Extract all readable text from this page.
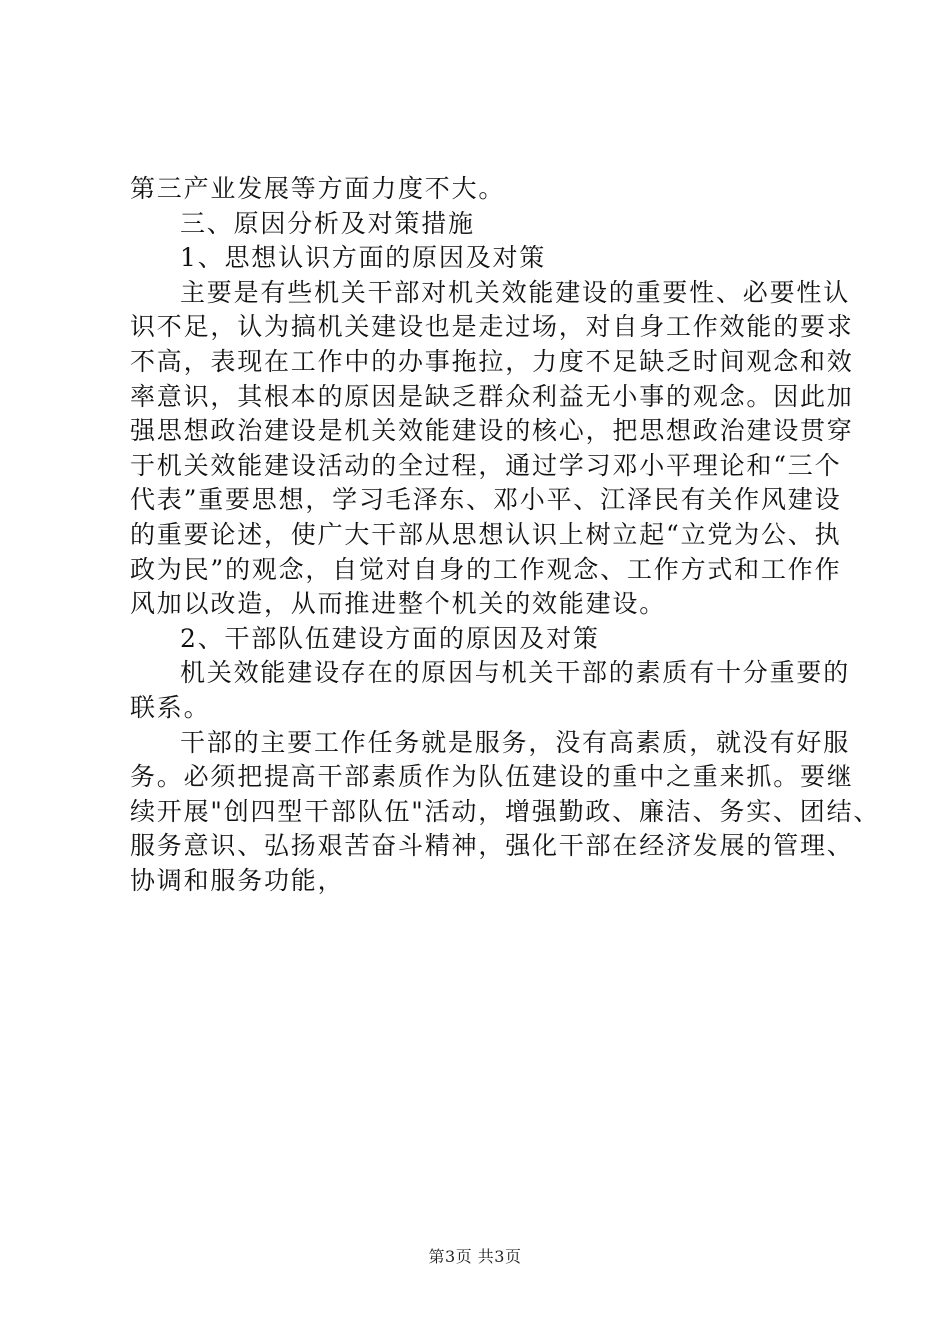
第三产业发展等方面力度不大。
三、原因分析及对策措施
1、思想认识方面的原因及对策
主要是有些机关干部对机关效能建设的重要性、必要性认
识不足，认为搞机关建设也是走过场，对自身工作效能的要求
不高，表现在工作中的办事拖拉，力度不足缺乏时间观念和效
率意识，其根本的原因是缺乏群众利益无小事的观念。因此加
强思想政治建设是机关效能建设的核心，把思想政治建设贯穿
于机关效能建设活动的全过程，通过学习邓小平理论和“三个
代表”重要思想，学习毛泽东、邓小平、江泽民有关作风建设
的重要论述，使广大干部从思想认识上树立起“立党为公、执
政为民”的观念，自觉对自身的工作观念、工作方式和工作作
风加以改造，从而推进整个机关的效能建设。
2、干部队伍建设方面的原因及对策
机关效能建设存在的原因与机关干部的素质有十分重要的
联系。
干部的主要工作任务就是服务，没有高素质，就没有好服
务。必须把提高干部素质作为队伍建设的重中之重来抓。要继
续开展"创四型干部队伍"活动，增强勤政、廉洁、务实、团结、
服务意识、弘扬艰苦奋斗精神，强化干部在经济发展的管理、
协调和服务功能，
第3页 共3页
